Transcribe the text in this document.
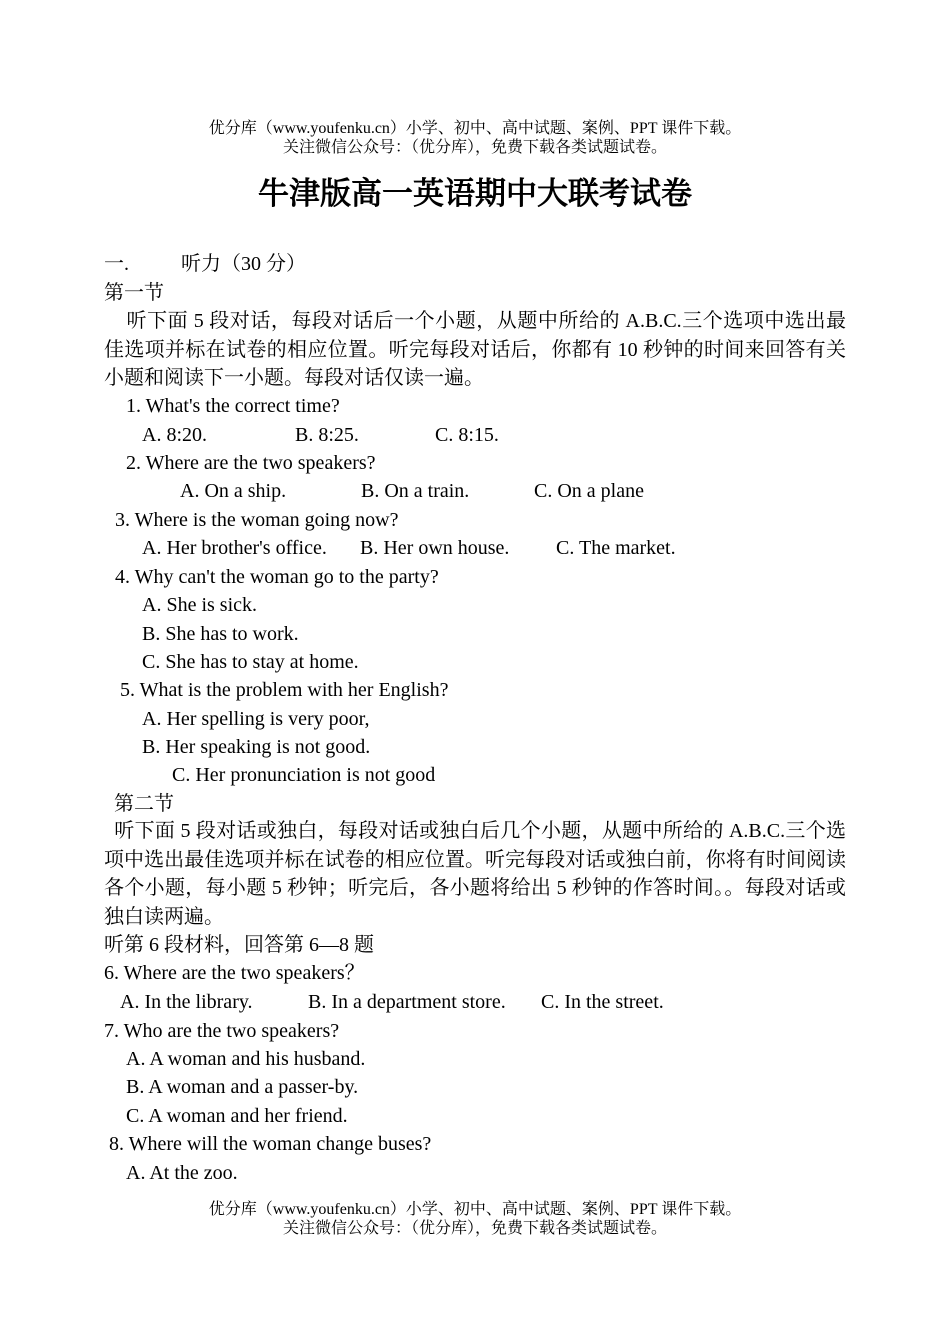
优分库（www.youfenku.cn）小学、初中、高中试题、案例、PPT 课件下载。
关注微信公众号：（优分库），免费下载各类试题试卷。
牛津版高一英语期中大联考试卷
一.	听力（30 分）
第一节
听下面 5 段对话，每段对话后一个小题，从题中所给的 A.B.C.三个选项中选出最佳选项并标在试卷的相应位置。听完每段对话后，你都有 10 秒钟的时间来回答有关小题和阅读下一小题。每段对话仅读一遍。
1. What's the correct time?
A. 8:20.	B. 8:25.	C. 8:15.
2. Where are the two speakers?
A. On a ship.	B. On a train.	C. On a plane
3. Where is the woman going now?
A. Her brother's office. B. Her own house. C. The market.
4. Why can't the woman go to the party?
A. She is sick.
B. She has to work.
C. She has to stay at home.
5. What is the problem with her English?
A. Her spelling is very poor,
B. Her speaking is not good.
C. Her pronunciation is not good
第二节
听下面 5 段对话或独白，每段对话或独白后几个小题，从题中所给的 A.B.C.三个选项中选出最佳选项并标在试卷的相应位置。听完每段对话或独白前，你将有时间阅读各个小题，每小题 5 秒钟；听完后，各小题将给出 5 秒钟的作答时间。。每段对话或独白读两遍。
听第 6 段材料，回答第 6—8 题
6. Where are the two speakers？
A. In the library.	B. In a department store. C. In the street.
7. Who are the two speakers?
A. A woman and his husband.
B. A woman and a passer-by.
C. A woman and her friend.
8. Where will the woman change buses?
A. At the zoo.
优分库（www.youfenku.cn）小学、初中、高中试题、案例、PPT 课件下载。
关注微信公众号：（优分库），免费下载各类试题试卷。
